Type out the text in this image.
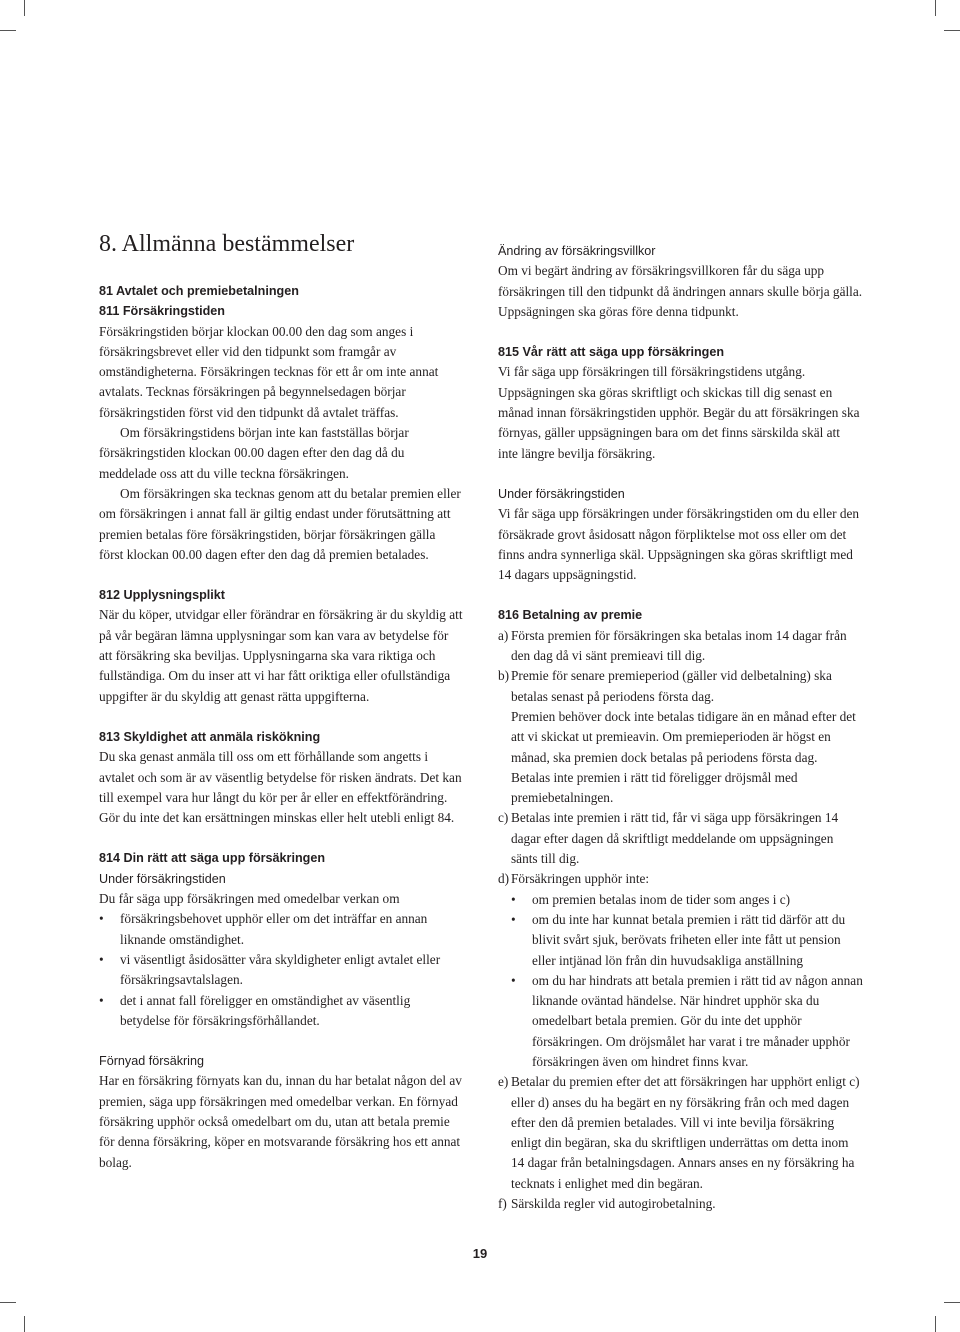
8. Allmänna bestämmelser

81 Avtalet och premiebetalningen

811 Försäkringstiden

Försäkringstiden börjar klockan 00.00 den dag som anges i försäkringsbrevet eller vid den tidpunkt som framgår av omständigheterna. Försäkringen tecknas för ett år om inte annat avtalats. Tecknas försäkringen på begynnelsedagen börjar försäkringstiden först vid den tidpunkt då avtalet träffas.

Om försäkringstidens början inte kan fastställas börjar försäkringstiden klockan 00.00 dagen efter den dag då du meddelade oss att du ville teckna försäkringen.

Om försäkringen ska tecknas genom att du betalar premien eller om försäkringen i annat fall är giltig endast under förutsättning att premien betalas före försäkringstiden, börjar försäkringen gälla först klockan 00.00 dagen efter den dag då premien betalades.

812 Upplysningsplikt

När du köper, utvidgar eller förändrar en försäkring är du skyldig att på vår begäran lämna upplysningar som kan vara av betydelse för att försäkring ska beviljas. Upplysningarna ska vara riktiga och fullständiga. Om du inser att vi har fått oriktiga eller ofullständiga uppgifter är du skyldig att genast rätta uppgifterna.

813 Skyldighet att anmäla riskökning

Du ska genast anmäla till oss om ett förhållande som angetts i avtalet och som är av väsentlig betydelse för risken ändrats. Det kan till exempel vara hur långt du kör per år eller en effektförändring. Gör du inte det kan ersättningen minskas eller helt utebli enligt 84.

814 Din rätt att säga upp försäkringen

Under försäkringstiden

Du får säga upp försäkringen med omedelbar verkan om

• försäkringsbehovet upphör eller om det inträffar en annan liknande omständighet.
• vi väsentligt åsidosätter våra skyldigheter enligt avtalet eller försäkringsavtalslagen.
• det i annat fall föreligger en omständighet av väsentlig betydelse för försäkringsförhållandet.

Förnyad försäkring

Har en försäkring förnyats kan du, innan du har betalat någon del av premien, säga upp försäkringen med omedelbar verkan. En förnyad försäkring upphör också omedelbart om du, utan att betala premie för denna försäkring, köper en motsvarande försäkring hos ett annat bolag.

Ändring av försäkringsvillkor

Om vi begärt ändring av försäkringsvillkoren får du säga upp försäkringen till den tidpunkt då ändringen annars skulle börja gälla. Uppsägningen ska göras före denna tidpunkt.

815 Vår rätt att säga upp försäkringen

Vi får säga upp försäkringen till försäkringstidens utgång. Uppsägningen ska göras skriftligt och skickas till dig senast en månad innan försäkringstiden upphör. Begär du att försäkringen ska förnyas, gäller uppsägningen bara om det finns särskilda skäl att inte längre bevilja försäkring.

Under försäkringstiden

Vi får säga upp försäkringen under försäkringstiden om du eller den försäkrade grovt åsidosatt någon förpliktelse mot oss eller om det finns andra synnerliga skäl. Uppsägningen ska göras skriftligt med 14 dagars uppsägningstid.

816 Betalning av premie

a) Första premien för försäkringen ska betalas inom 14 dagar från den dag då vi sänt premieavi till dig.
b) Premie för senare premieperiod (gäller vid delbetalning) ska betalas senast på periodens första dag.

Premien behöver dock inte betalas tidigare än en månad efter det att vi skickat ut premieavin. Om premieperioden är högst en månad, ska premien dock betalas på periodens första dag.

Betalas inte premien i rätt tid föreligger dröjsmål med premiebetalningen.

c) Betalas inte premien i rätt tid, får vi säga upp försäkringen 14 dagar efter dagen då skriftligt meddelande om uppsägningen sänts till dig.
d) Försäkringen upphör inte:
• om premien betalas inom de tider som anges i c)
• om du inte har kunnat betala premien i rätt tid därför att du blivit svårt sjuk, berövats friheten eller inte fått ut pension eller intjänad lön från din huvudsakliga anställning
• om du har hindrats att betala premien i rätt tid av någon annan liknande oväntad händelse. När hindret upphör ska du omedelbart betala premien. Gör du inte det upphör försäkringen. Om dröjsmålet har varat i tre månader upphör försäkringen även om hindret finns kvar.
e) Betalar du premien efter det att försäkringen har upphört enligt c) eller d) anses du ha begärt en ny försäkring från och med dagen efter den då premien betalades. Vill vi inte bevilja försäkring enligt din begäran, ska du skriftligen underrättas om detta inom 14 dagar från betalningsdagen. Annars anses en ny försäkring ha tecknats i enlighet med din begäran.
f) Särskilda regler vid autogirobetalning.
19
